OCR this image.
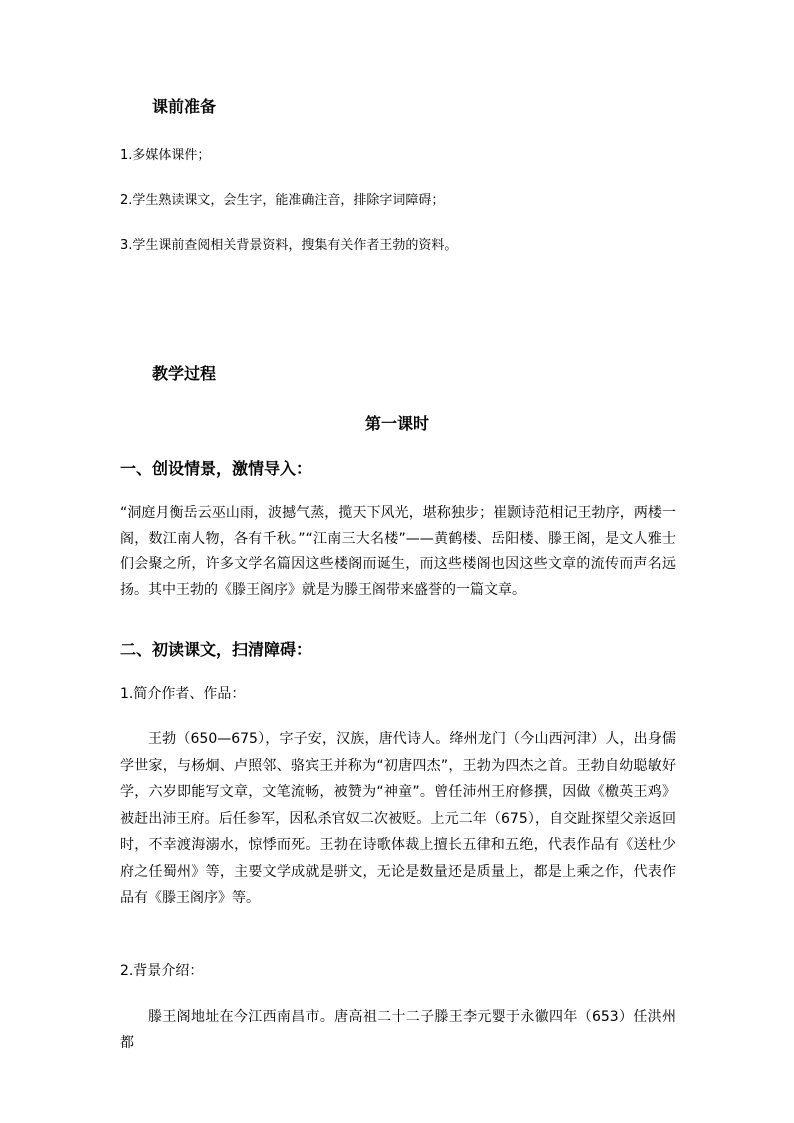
课前准备
1.多媒体课件；
2.学生熟读课文，会生字，能准确注音，排除字词障碍；
3.学生课前查阅相关背景资料，搜集有关作者王勃的资料。
教学过程
第一课时
一、创设情景，激情导入：

“洞庭月衡岳云巫山雨，波撼气蒸，揽天下风光，堪称独步；崔颢诗范相记王勃序，两楼一阁，数江南人物，各有千秋。”“江南三大名楼”——黄鹤楼、岳阳楼、滕王阁，是文人雅士们会聚之所，许多文学名篇因这些楼阁而诞生，而这些楼阁也因这些文章的流传而声名远扬。其中王勃的《滕王阁序》就是为滕王阁带来盛誉的一篇文章。

二、初读课文，扫清障碍：
1.简介作者、作品：

王勃（650—675），字子安，汉族，唐代诗人。绛州龙门（今山西河津）人，出身儒学世家，与杨炯、卢照邻、骆宾王并称为“初唐四杰”，王勃为四杰之首。王勃自幼聪敏好学，六岁即能写文章，文笔流畅，被赞为“神童”。曾任沛州王府修撰，因做《檄英王鸡》被赶出沛王府。后任参军，因私杀官奴二次被贬。上元二年（675），自交趾探望父亲返回时，不幸渡海溺水，惊悸而死。王勃在诗歌体裁上擅长五律和五绝，代表作品有《送杜少府之任蜀州》等，主要文学成就是骈文，无论是数量还是质量上，都是上乘之作，代表作品有《滕王阁序》等。

2.背景介绍：

滕王阁地址在今江西南昌市。唐高祖二十二子滕王李元婴于永徽四年（653）任洪州都
